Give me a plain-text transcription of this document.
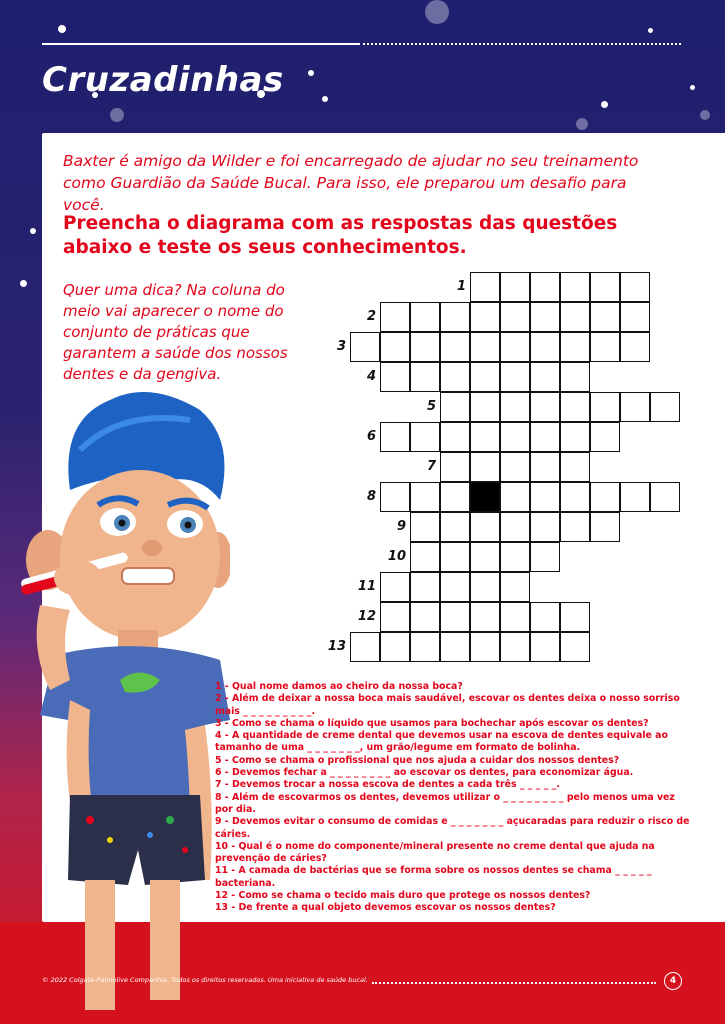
Cruzadinhas

Baxter é amigo da Wilder e foi encarregado de ajudar no seu treinamento como Guardião da Saúde Bucal. Para isso, ele preparou um desafio para você.

Preencha o diagrama com as respostas das questões abaixo e teste os seus conhecimentos.

Quer uma dica? Na coluna do meio vai aparecer o nome do conjunto de práticas que garantem a saúde dos nossos dentes e da gengiva.

1
2
3
4
5
6
7
8
9
10
11
12
13
1 - Qual nome damos ao cheiro da nossa boca?
2 - Além de deixar a nossa boca mais saudável, escovar os dentes deixa o nosso sorriso mais _ _ _ _ _ _ _ _ _.
3 - Como se chama o líquido que usamos para bochechar após escovar os dentes?
4 - A quantidade de creme dental que devemos usar na escova de dentes equivale ao tamanho de uma _ _ _ _ _ _ _, um grão/legume em formato de bolinha.
5 - Como se chama o profissional que nos ajuda a cuidar dos nossos dentes?
6 - Devemos fechar a _ _ _ _ _ _ _ _ ao escovar os dentes, para economizar água.
7 - Devemos trocar a nossa escova de dentes a cada três _ _ _ _ _.
8 - Além de escovarmos os dentes, devemos utilizar o _ _ _ _ _ _ _ _ pelo menos uma vez por dia.
9 - Devemos evitar o consumo de comidas e _ _ _ _ _ _ _ açucaradas para reduzir o risco de cáries.
10 - Qual é o nome do componente/mineral presente no creme dental que ajuda na prevenção de cáries?
11 - A camada de bactérias que se forma sobre os nossos dentes se chama _ _ _ _ _ bacteriana.
12 - Como se chama o tecido mais duro que protege os nossos dentes?
13 - De frente a qual objeto devemos escovar os nossos dentes?
© 2022 Colgate-Palmolive Companhia. Todos os direitos reservados. Uma iniciativa de saúde bucal.	4
